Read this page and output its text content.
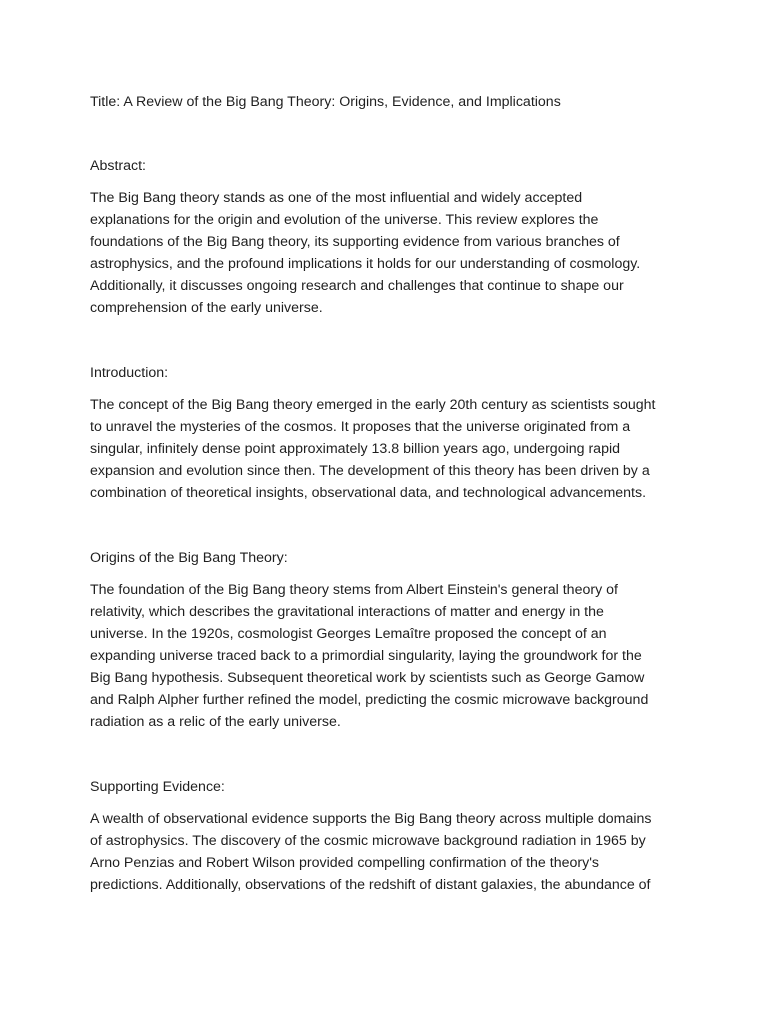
Title: A Review of the Big Bang Theory: Origins, Evidence, and Implications
Abstract:
The Big Bang theory stands as one of the most influential and widely accepted
explanations for the origin and evolution of the universe. This review explores the
foundations of the Big Bang theory, its supporting evidence from various branches of
astrophysics, and the profound implications it holds for our understanding of cosmology.
Additionally, it discusses ongoing research and challenges that continue to shape our
comprehension of the early universe.
Introduction:
The concept of the Big Bang theory emerged in the early 20th century as scientists sought
to unravel the mysteries of the cosmos. It proposes that the universe originated from a
singular, infinitely dense point approximately 13.8 billion years ago, undergoing rapid
expansion and evolution since then. The development of this theory has been driven by a
combination of theoretical insights, observational data, and technological advancements.
Origins of the Big Bang Theory:
The foundation of the Big Bang theory stems from Albert Einstein's general theory of
relativity, which describes the gravitational interactions of matter and energy in the
universe. In the 1920s, cosmologist Georges Lemaître proposed the concept of an
expanding universe traced back to a primordial singularity, laying the groundwork for the
Big Bang hypothesis. Subsequent theoretical work by scientists such as George Gamow
and Ralph Alpher further refined the model, predicting the cosmic microwave background
radiation as a relic of the early universe.
Supporting Evidence:
A wealth of observational evidence supports the Big Bang theory across multiple domains
of astrophysics. The discovery of the cosmic microwave background radiation in 1965 by
Arno Penzias and Robert Wilson provided compelling confirmation of the theory's
predictions. Additionally, observations of the redshift of distant galaxies, the abundance of
